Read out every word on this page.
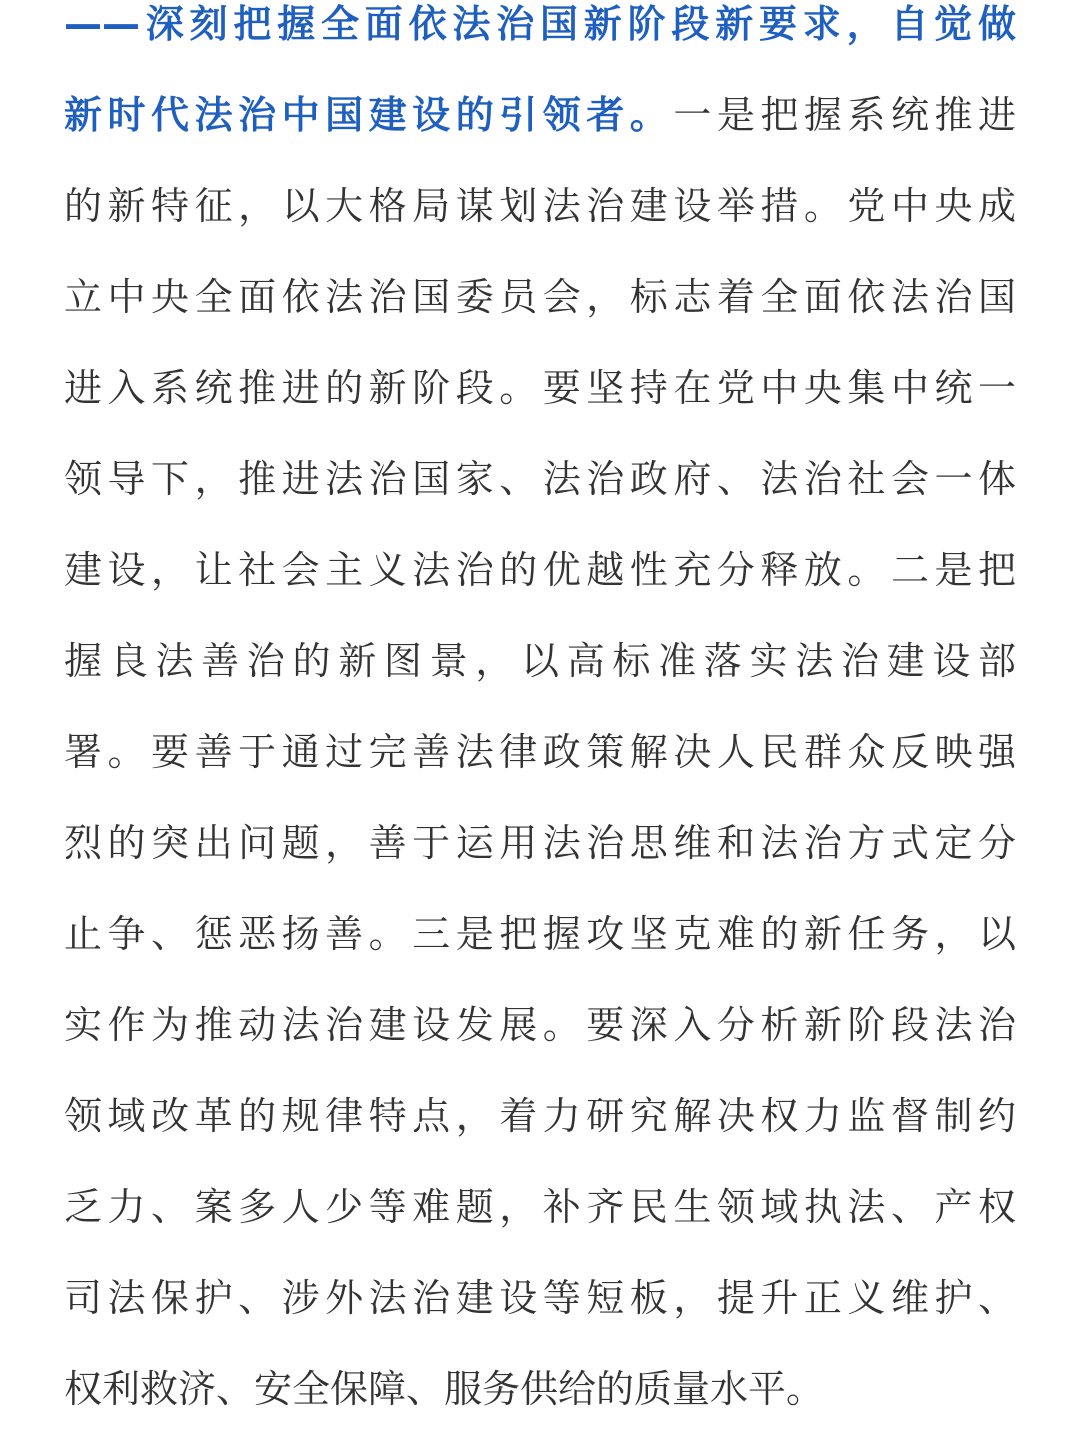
——深刻把握全面依法治国新阶段新要求，自觉做
新时代法治中国建设的引领者。一是把握系统推进
的新特征，以大格局谋划法治建设举措。党中央成
立中央全面依法治国委员会，标志着全面依法治国
进入系统推进的新阶段。要坚持在党中央集中统一
领导下，推进法治国家、法治政府、法治社会一体
建设，让社会主义法治的优越性充分释放。二是把
握良法善治的新图景，以高标准落实法治建设部
署。要善于通过完善法律政策解决人民群众反映强
烈的突出问题，善于运用法治思维和法治方式定分
止争、惩恶扬善。三是把握攻坚克难的新任务，以
实作为推动法治建设发展。要深入分析新阶段法治
领域改革的规律特点，着力研究解决权力监督制约
乏力、案多人少等难题，补齐民生领域执法、产权
司法保护、涉外法治建设等短板，提升正义维护、
权利救济、安全保障、服务供给的质量水平。
